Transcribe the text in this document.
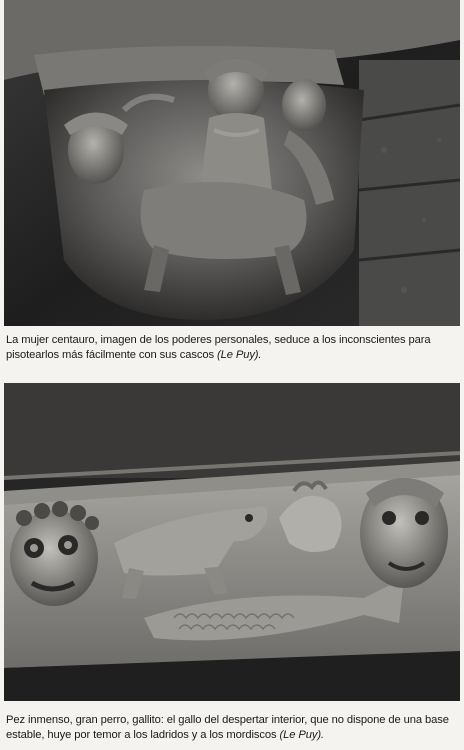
La mujer centauro, imagen de los poderes personales, seduce a los inconscientes para pisotearlos más fácilmente con sus cascos (Le Puy).
Pez inmenso, gran perro, gallito: el gallo del despertar interior, que no dispone de una base estable, huye por temor a los ladridos y a los mordiscos (Le Puy).
